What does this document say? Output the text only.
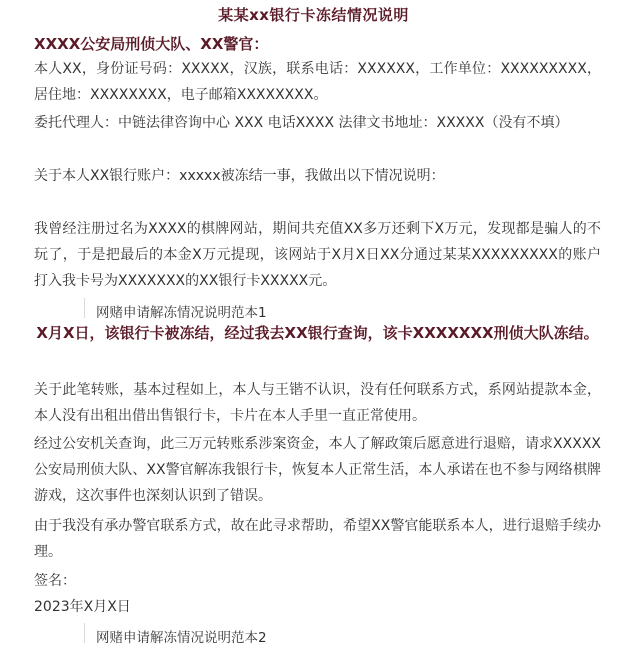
某某xx银行卡冻结情况说明
XXXX公安局刑侦大队、XX警官：
本人XX，身份证号码：XXXXX，汉族，联系电话：XXXXXX，工作单位：XXXXXXXXX，居住地：XXXXXXXX，电子邮箱XXXXXXXX。
委托代理人：中链法律咨询中心 XXX 电话XXXX 法律文书地址：XXXXX（没有不填）
关于本人XX银行账户：xxxxx被冻结一事，我做出以下情况说明：
我曾经注册过名为XXXX的棋牌网站，期间共充值XX多万还剩下X万元，发现都是骗人的不玩了，于是把最后的本金X万元提现，该网站于X月X日XX分通过某某XXXXXXXXX的账户打入我卡号为XXXXXXX的XX银行卡XXXXX元。
网赌申请解冻情况说明范本1
X月X日，该银行卡被冻结，经过我去XX银行查询，该卡XXXXXXX刑侦大队冻结。
关于此笔转账，基本过程如上，本人与王锴不认识，没有任何联系方式，系网站提款本金，本人没有出租出借出售银行卡，卡片在本人手里一直正常使用。
经过公安机关查询，此三万元转账系涉案资金，本人了解政策后愿意进行退赔，请求XXXXX公安局刑侦大队、XX警官解冻我银行卡，恢复本人正常生活，本人承诺在也不参与网络棋牌游戏，这次事件也深刻认识到了错误。
由于我没有承办警官联系方式，故在此寻求帮助，希望XX警官能联系本人，进行退赔手续办理。
签名：
2023年X月X日
网赌申请解冻情况说明范本2
